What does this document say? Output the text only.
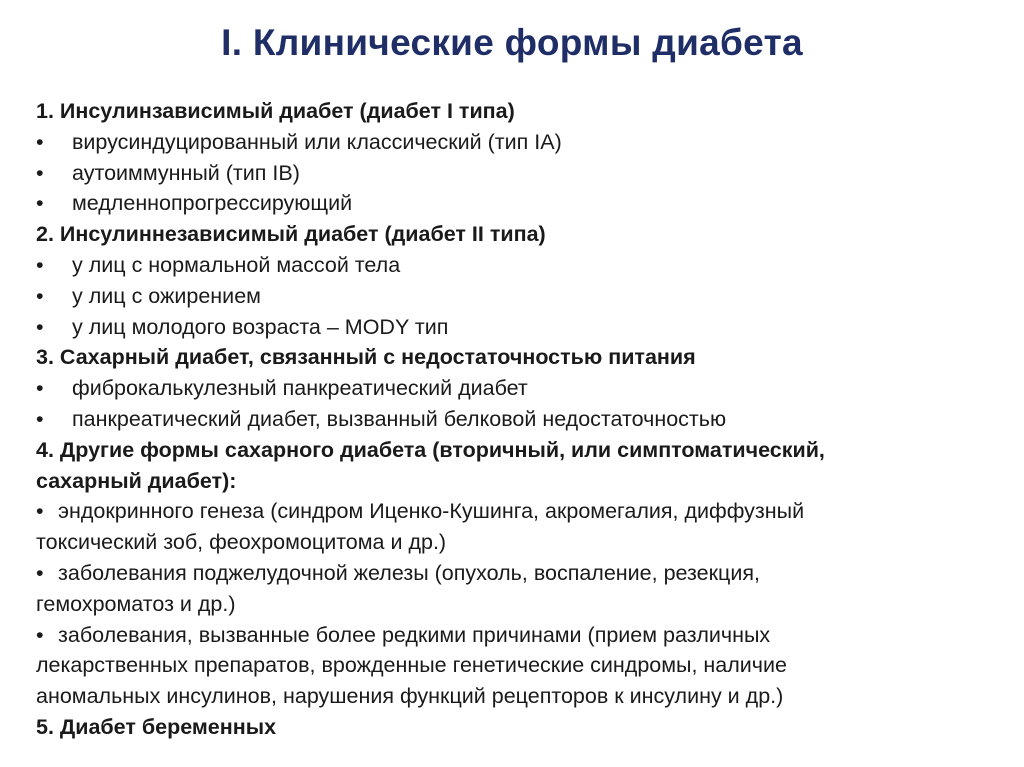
I. Клинические формы диабета
1. Инсулинзависимый диабет (диабет I типа)
• вирусиндуцированный или классический (тип IA)
• аутоиммунный (тип IB)
• медленнопрогрессирующий
2. Инсулиннезависимый диабет (диабет II типа)
• у лиц с нормальной массой тела
• у лиц с ожирением
• у лиц молодого возраста – MODY тип
3. Сахарный диабет, связанный с недостаточностью питания
• фиброкалькулезный панкреатический диабет
• панкреатический диабет, вызванный белковой недостаточностью
4. Другие формы сахарного диабета (вторичный, или симптоматический,
сахарный диабет):
• эндокринного генеза (синдром Иценко-Кушинга, акромегалия, диффузный
токсический зоб, феохромоцитома и др.)
• заболевания поджелудочной железы (опухоль, воспаление, резекция,
гемохроматоз и др.)
• заболевания, вызванные более редкими причинами (прием различных
лекарственных препаратов, врожденные генетические синдромы, наличие
аномальных инсулинов, нарушения функций рецепторов к инсулину и др.)
5. Диабет беременных
